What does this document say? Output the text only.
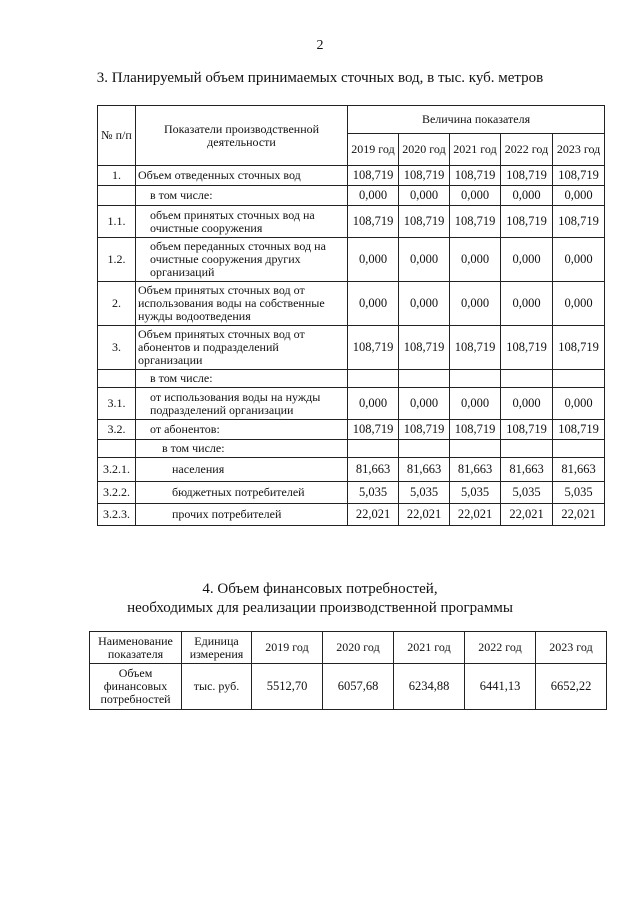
2
3. Планируемый объем принимаемых сточных вод, в тыс. куб. метров
№ п/п	Показатели производственной деятельности	Величина показателя				
		2019 год	2020 год	2021 год	2022 год	2023 год
1.	Объем отведенных сточных вод	108,719	108,719	108,719	108,719	108,719
	в том числе:	0,000	0,000	0,000	0,000	0,000
1.1.	объем принятых сточных вод на очистные сооружения	108,719	108,719	108,719	108,719	108,719
1.2.	объем переданных сточных вод на очистные сооружения других организаций	0,000	0,000	0,000	0,000	0,000
2.	Объем принятых сточных вод от использования воды на собственные нужды водоотведения	0,000	0,000	0,000	0,000	0,000
3.	Объем принятых сточных вод от абонентов и подразделений организации	108,719	108,719	108,719	108,719	108,719
	в том числе:					
3.1.	от использования воды на нужды подразделений организации	0,000	0,000	0,000	0,000	0,000
3.2.	от абонентов:	108,719	108,719	108,719	108,719	108,719
	в том числе:					
3.2.1.	населения	81,663	81,663	81,663	81,663	81,663
3.2.2.	бюджетных потребителей	5,035	5,035	5,035	5,035	5,035
3.2.3.	прочих потребителей	22,021	22,021	22,021	22,021	22,021
4. Объем финансовых потребностей,
необходимых для реализации производственной программы
Наименование показателя	Единица измерения	2019 год	2020 год	2021 год	2022 год	2023 год
Объем финансовых потребностей	тыс. руб.	5512,70	6057,68	6234,88	6441,13	6652,22
